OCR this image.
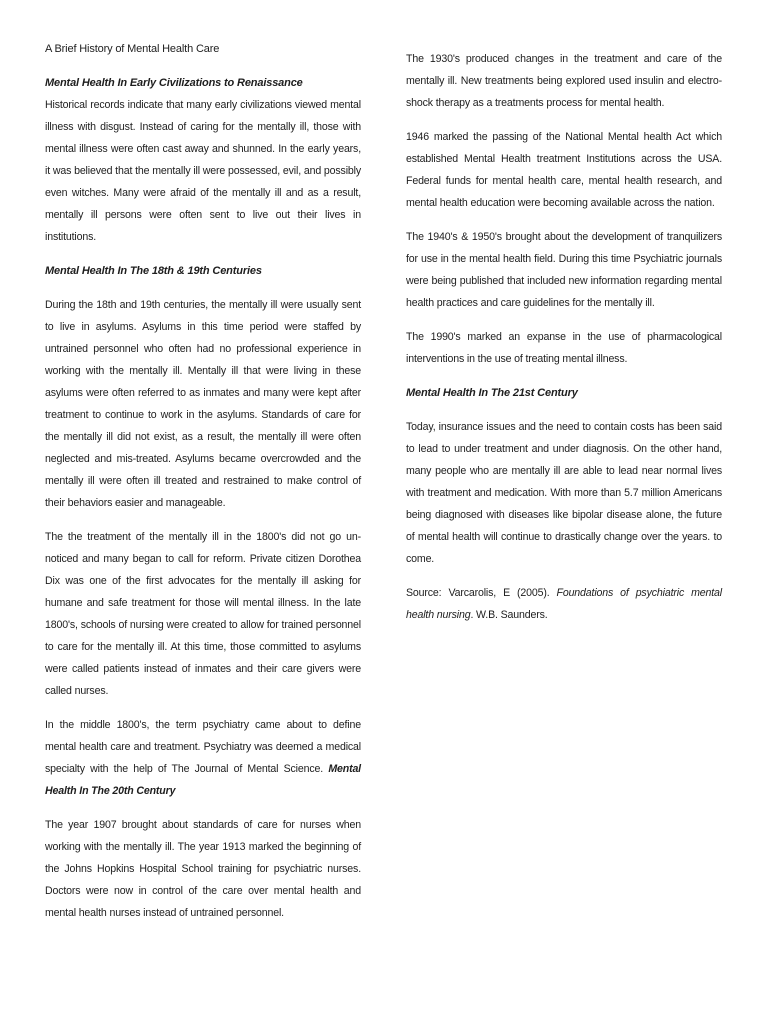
A Brief History of Mental Health Care
Mental Health In Early Civilizations to Renaissance

Historical records indicate that many early civilizations viewed mental illness with disgust. Instead of caring for the mentally ill, those with mental illness were often cast away and shunned. In the early years, it was believed that the mentally ill were possessed, evil, and possibly even witches. Many were afraid of the mentally ill and as a result, mentally ill persons were often sent to live out their lives in institutions.

Mental Health In The 18th & 19th Centuries

During the 18th and 19th centuries, the mentally ill were usually sent to live in asylums. Asylums in this time period were staffed by untrained personnel who often had no professional experience in working with the mentally ill. Mentally ill that were living in these asylums were often referred to as inmates and many were kept after treatment to continue to work in the asylums. Standards of care for the mentally ill did not exist, as a result, the mentally ill were often neglected and mis-treated. Asylums became overcrowded and the mentally ill were often ill treated and restrained to make control of their behaviors easier and manageable.

The the treatment of the mentally ill in the 1800's did not go un-noticed and many began to call for reform. Private citizen Dorothea Dix was one of the first advocates for the mentally ill asking for humane and safe treatment for those will mental illness. In the late 1800's, schools of nursing were created to allow for trained personnel to care for the mentally ill. At this time, those committed to asylums were called patients instead of inmates and their care givers were called nurses.

In the middle 1800's, the term psychiatry came about to define mental health care and treatment. Psychiatry was deemed a medical specialty with the help of The Journal of Mental Science. Mental Health In The 20th Century

The year 1907 brought about standards of care for nurses when working with the mentally ill. The year 1913 marked the beginning of the Johns Hopkins Hospital School training for psychiatric nurses. Doctors were now in control of the care over mental health and mental health nurses instead of untrained personnel.

The 1930's produced changes in the treatment and care of the mentally ill. New treatments being explored used insulin and electro-shock therapy as a treatments process for mental health.

1946 marked the passing of the National Mental health Act which established Mental Health treatment Institutions across the USA. Federal funds for mental health care, mental health research, and mental health education were becoming available across the nation.

The 1940's & 1950's brought about the development of tranquilizers for use in the mental health field. During this time Psychiatric journals were being published that included new information regarding mental health practices and care guidelines for the mentally ill.

The 1990's marked an expanse in the use of pharmacological interventions in the use of treating mental illness.

Mental Health In The 21st Century

Today, insurance issues and the need to contain costs has been said to lead to under treatment and under diagnosis. On the other hand, many people who are mentally ill are able to lead near normal lives with treatment and medication. With more than 5.7 million Americans being diagnosed with diseases like bipolar disease alone, the future of mental health will continue to drastically change over the years. to come.

Source: Varcarolis, E (2005). Foundations of psychiatric mental health nursing. W.B. Saunders.
